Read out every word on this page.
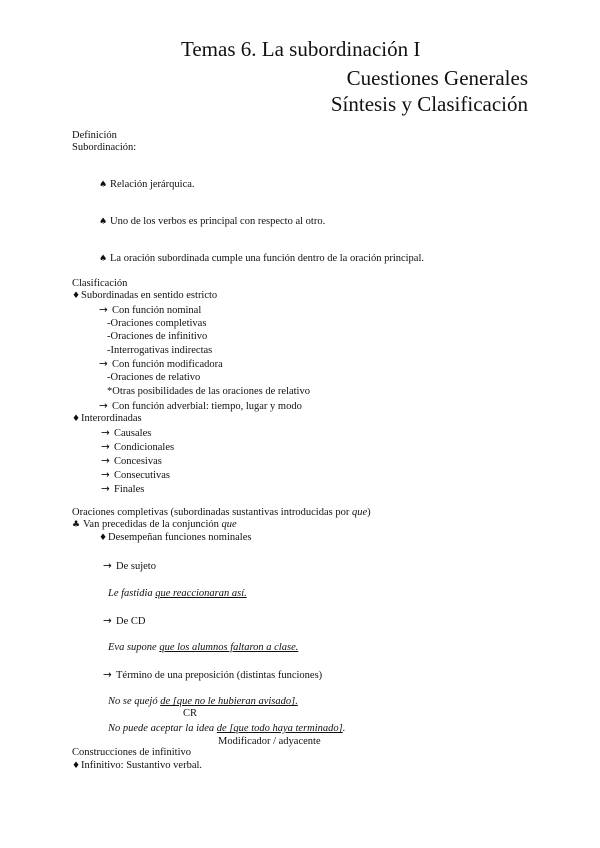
Temas 6. La subordinación I
Cuestiones Generales
Síntesis y Clasificación
Definición
Subordinación:
♠ Relación jerárquica.
♠ Uno de los verbos es principal con respecto al otro.
♠ La oración subordinada cumple una función dentro de la oración principal.
Clasificación
♦Subordinadas en sentido estricto
→ Con función nominal
-Oraciones completivas
-Oraciones de infinitivo
-Interrogativas indirectas
→ Con función modificadora
-Oraciones de relativo
*Otras posibilidades de las oraciones de relativo
→ Con función adverbial: tiempo, lugar y modo
♦Interordinadas
→ Causales
→ Condicionales
→ Concesivas
→ Consecutivas
→ Finales
Oraciones completivas (subordinadas sustantivas introducidas por que)
♣ Van precedidas de la conjunción que
♦Desempeñan funciones nominales
→ De sujeto
Le fastidia que reaccionaran así.
→ De CD
Eva supone que los alumnos faltaron a clase.
→ Término de una preposición (distintas funciones)
No se quejó de [que no le hubieran avisado].
CR
No puede aceptar la idea de [que todo haya terminado].
Modificador / adyacente
Construcciones de infinitivo
♦Infinitivo: Sustantivo verbal.
